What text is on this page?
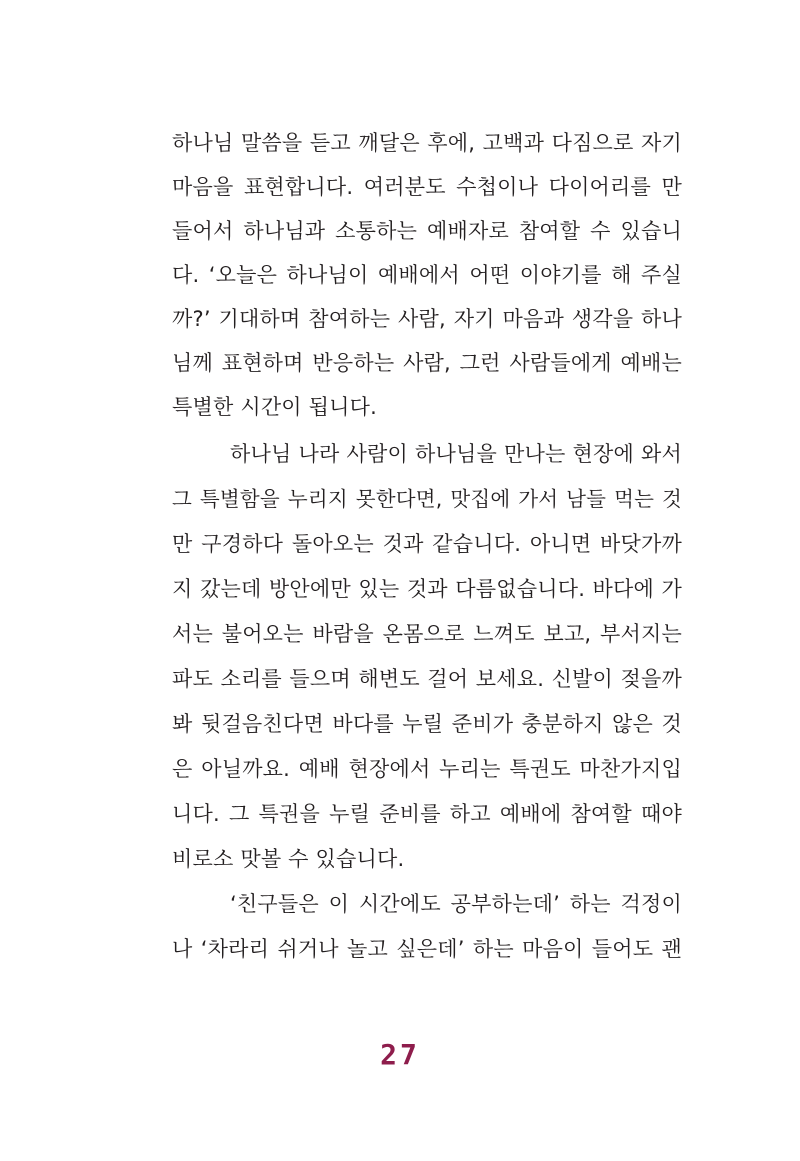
하나님 말씀을 듣고 깨달은 후에, 고백과 다짐으로 자기
마음을 표현합니다. 여러분도 수첩이나 다이어리를 만
들어서 하나님과 소통하는 예배자로 참여할 수 있습니
다. ‘오늘은 하나님이 예배에서 어떤 이야기를 해 주실
까?’ 기대하며 참여하는 사람, 자기 마음과 생각을 하나
님께 표현하며 반응하는 사람, 그런 사람들에게 예배는
특별한 시간이 됩니다.
하나님 나라 사람이 하나님을 만나는 현장에 와서
그 특별함을 누리지 못한다면, 맛집에 가서 남들 먹는 것
만 구경하다 돌아오는 것과 같습니다. 아니면 바닷가까
지 갔는데 방안에만 있는 것과 다름없습니다. 바다에 가
서는 불어오는 바람을 온몸으로 느껴도 보고, 부서지는
파도 소리를 들으며 해변도 걸어 보세요. 신발이 젖을까
봐 뒷걸음친다면 바다를 누릴 준비가 충분하지 않은 것
은 아닐까요. 예배 현장에서 누리는 특권도 마찬가지입
니다. 그 특권을 누릴 준비를 하고 예배에 참여할 때야
비로소 맛볼 수 있습니다.
‘친구들은 이 시간에도 공부하는데’ 하는 걱정이
나 ‘차라리 쉬거나 놀고 싶은데’ 하는 마음이 들어도 괜
27
